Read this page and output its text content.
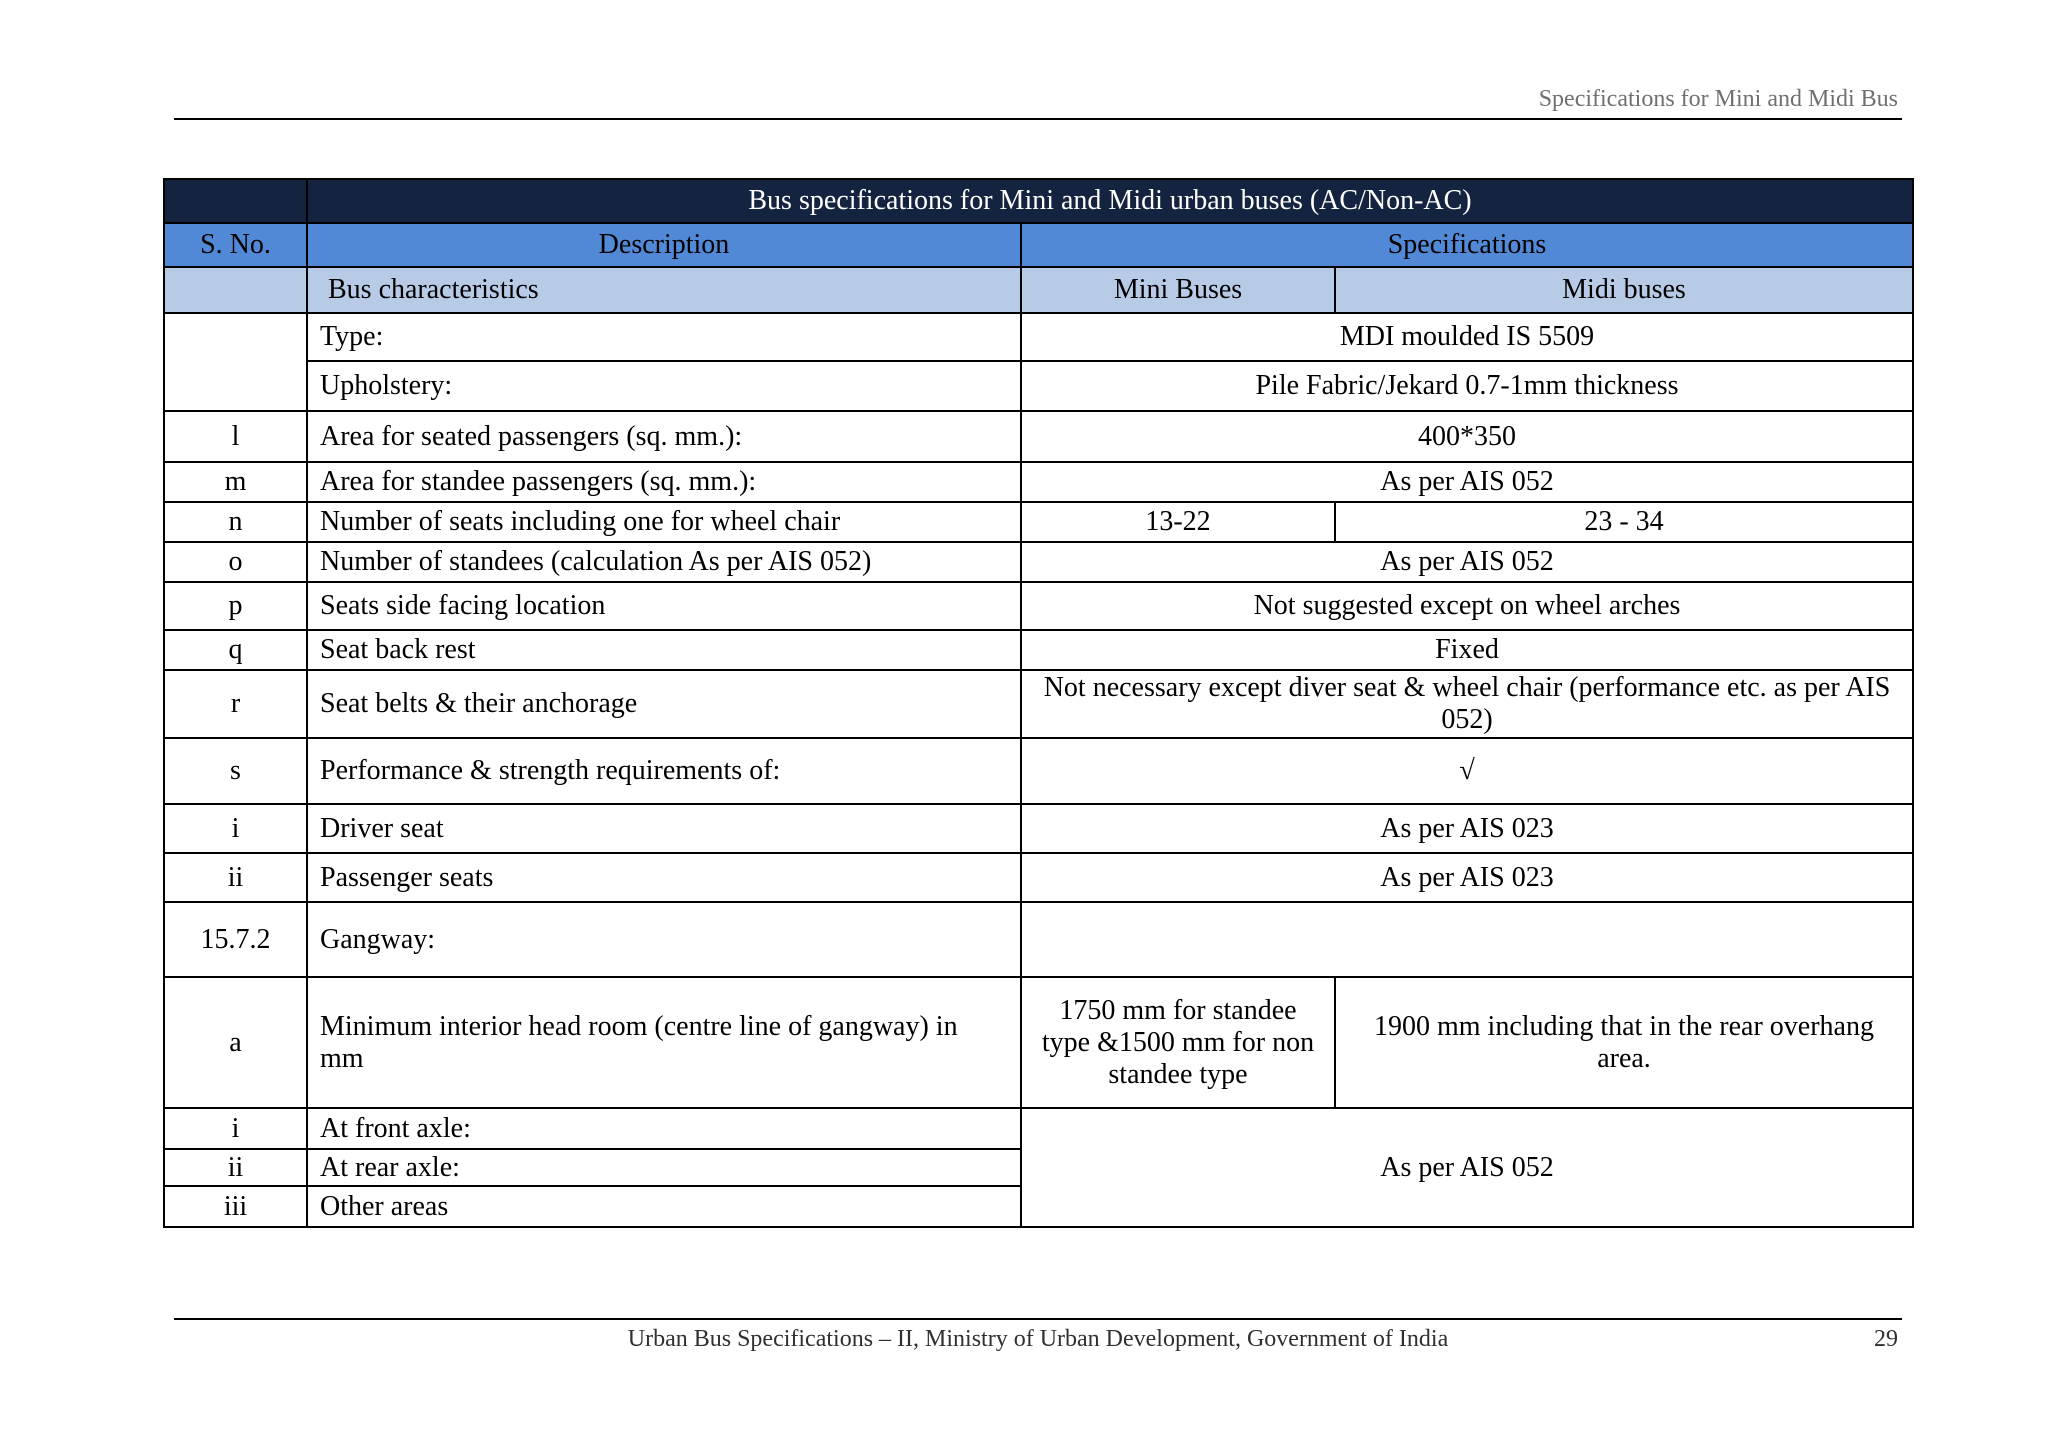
Specifications for Mini and Midi Bus
	Bus specifications for Mini and Midi urban buses (AC/Non-AC)		
S. No.	Description	Specifications	
	Bus characteristics	Mini Buses	Midi buses
	Type:	MDI moulded IS 5509	
	Upholstery:	Pile Fabric/Jekard 0.7-1mm thickness	
l	Area for seated passengers (sq. mm.):	400*350	
m	Area for standee passengers (sq. mm.):	As per AIS 052	
n	Number of seats including one for wheel chair	13-22	23 - 34
o	Number of standees (calculation As per AIS 052)	As per AIS 052	
p	Seats side facing location	Not suggested except on wheel arches	
q	Seat back rest	Fixed	
r	Seat belts & their anchorage	Not necessary except diver seat & wheel chair (performance etc. as per AIS 052)	
s	Performance & strength requirements of:	√	
i	Driver seat	As per AIS 023	
ii	Passenger seats	As per AIS 023	
15.7.2	Gangway:		
a	Minimum interior head room (centre line of gangway) in mm	1750 mm for standee type &1500 mm for non standee type	1900 mm including that in the rear overhang area.
i	At front axle:	As per AIS 052	
ii	At rear axle:		
iii	Other areas		
Urban Bus Specifications – II, Ministry of Urban Development, Government of India	29
